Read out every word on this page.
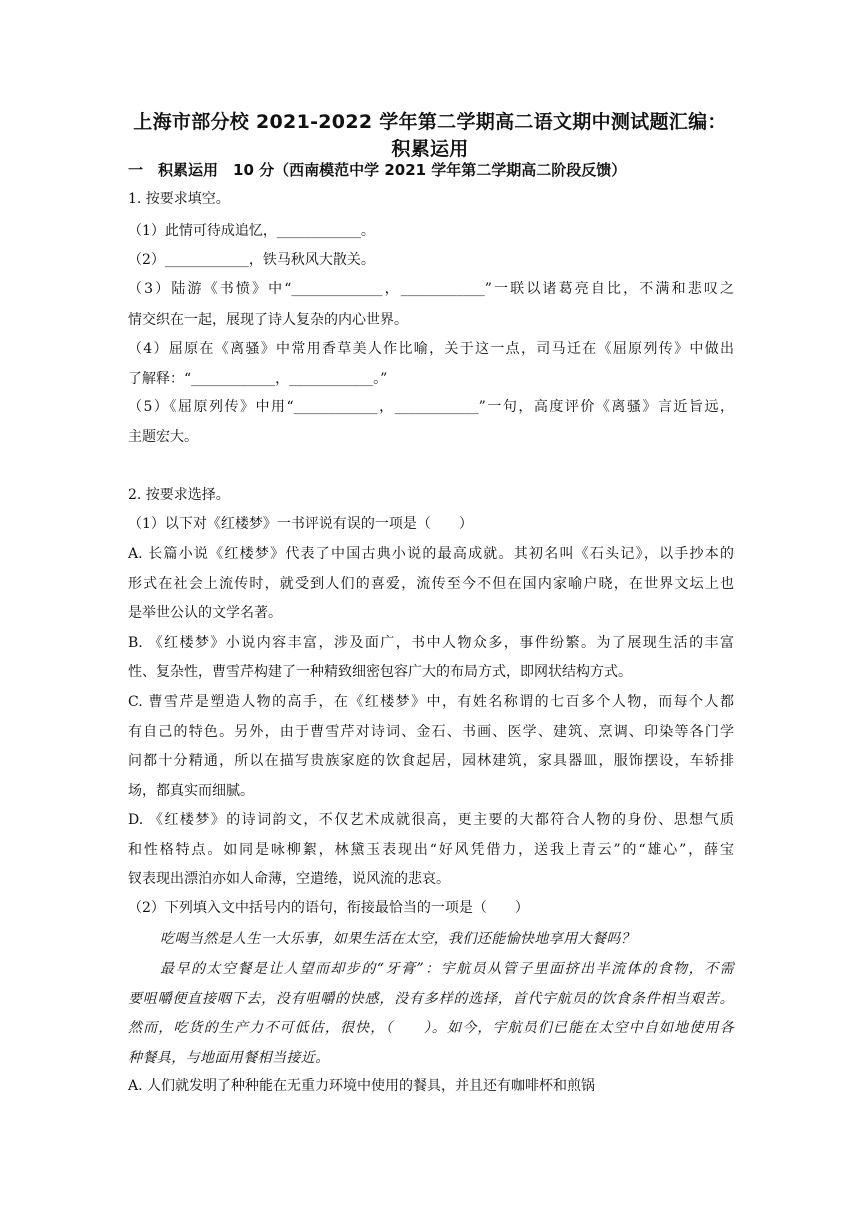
上海市部分校 2021-2022 学年第二学期高二语文期中测试题汇编：
积累运用
一　积累运用　10 分（西南模范中学 2021 学年第二学期高二阶段反馈）
1. 按要求填空。
（1）此情可待成追忆，____________。
（2）____________，铁马秋风大散关。
（3）陆游《书愤》中“_____________，____________”一联以诸葛亮自比，不满和悲叹之
情交织在一起，展现了诗人复杂的内心世界。
（4）屈原在《离骚》中常用香草美人作比喻，关于这一点，司马迁在《屈原列传》中做出
了解释：“____________，____________。”
（5）《屈原列传》中用“____________，____________”一句，高度评价《离骚》言近旨远，
主题宏大。
2. 按要求选择。
（1）以下对《红楼梦》一书评说有误的一项是（　　）
A. 长篇小说《红楼梦》代表了中国古典小说的最高成就。其初名叫《石头记》，以手抄本的
形式在社会上流传时，就受到人们的喜爱，流传至今不但在国内家喻户晓，在世界文坛上也
是举世公认的文学名著。
B. 《红楼梦》小说内容丰富，涉及面广，书中人物众多，事件纷繁。为了展现生活的丰富
性、复杂性，曹雪芹构建了一种精致细密包容广大的布局方式，即网状结构方式。
C. 曹雪芹是塑造人物的高手，在《红楼梦》中，有姓名称谓的七百多个人物，而每个人都
有自己的特色。另外，由于曹雪芹对诗词、金石、书画、医学、建筑、烹调、印染等各门学
问都十分精通，所以在描写贵族家庭的饮食起居，园林建筑，家具器皿，服饰摆设，车轿排
场，都真实而细腻。
D. 《红楼梦》的诗词韵文，不仅艺术成就很高，更主要的大都符合人物的身份、思想气质
和性格特点。如同是咏柳絮，林黛玉表现出“好风凭借力，送我上青云”的“雄心”，薛宝
钗表现出漂泊亦如人命薄，空遣绻，说风流的悲哀。
（2）下列填入文中括号内的语句，衔接最恰当的一项是（　　）
吃喝当然是人生一大乐事，如果生活在太空，我们还能愉快地享用大餐吗？
最早的太空餐是让人望而却步的“牙膏”：宇航员从管子里面挤出半流体的食物，不需
要咀嚼便直接咽下去，没有咀嚼的快感，没有多样的选择，首代宇航员的饮食条件相当艰苦。
然而，吃货的生产力不可低估，很快，（　　）。如今，宇航员们已能在太空中自如地使用各
种餐具，与地面用餐相当接近。
A. 人们就发明了种种能在无重力环境中使用的餐具，并且还有咖啡杯和煎锅
